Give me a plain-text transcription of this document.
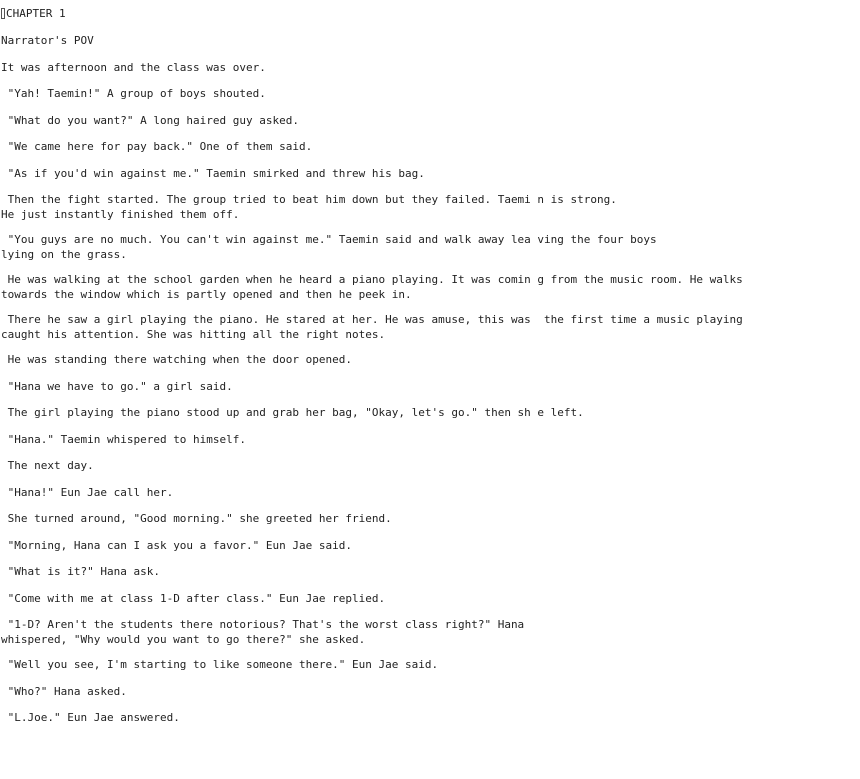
CHAPTER 1
Narrator's POV
It was afternoon and the class was over.
"Yah! Taemin!" A group of boys shouted.
"What do you want?" A long haired guy asked.
"We came here for pay back." One of them said.
"As if you'd win against me." Taemin smirked and threw his bag.
Then the fight started. The group tried to beat him down but they failed. Taemi n is strong.
He just instantly finished them off.
"You guys are no much. You can't win against me." Taemin said and walk away lea ving the four boys
lying on the grass.
He was walking at the school garden when he heard a piano playing. It was comin g from the music room. He walks
towards the window which is partly opened and then he peek in.
There he saw a girl playing the piano. He stared at her. He was amuse, this was  the first time a music playing
caught his attention. She was hitting all the right notes.
He was standing there watching when the door opened.
"Hana we have to go." a girl said.
The girl playing the piano stood up and grab her bag, "Okay, let's go." then sh e left.
"Hana." Taemin whispered to himself.
The next day.
"Hana!" Eun Jae call her.
She turned around, "Good morning." she greeted her friend.
"Morning, Hana can I ask you a favor." Eun Jae said.
"What is it?" Hana ask.
"Come with me at class 1-D after class." Eun Jae replied.
"1-D? Aren't the students there notorious? That's the worst class right?" Hana
whispered, "Why would you want to go there?" she asked.
"Well you see, I'm starting to like someone there." Eun Jae said.
"Who?" Hana asked.
"L.Joe." Eun Jae answered.
